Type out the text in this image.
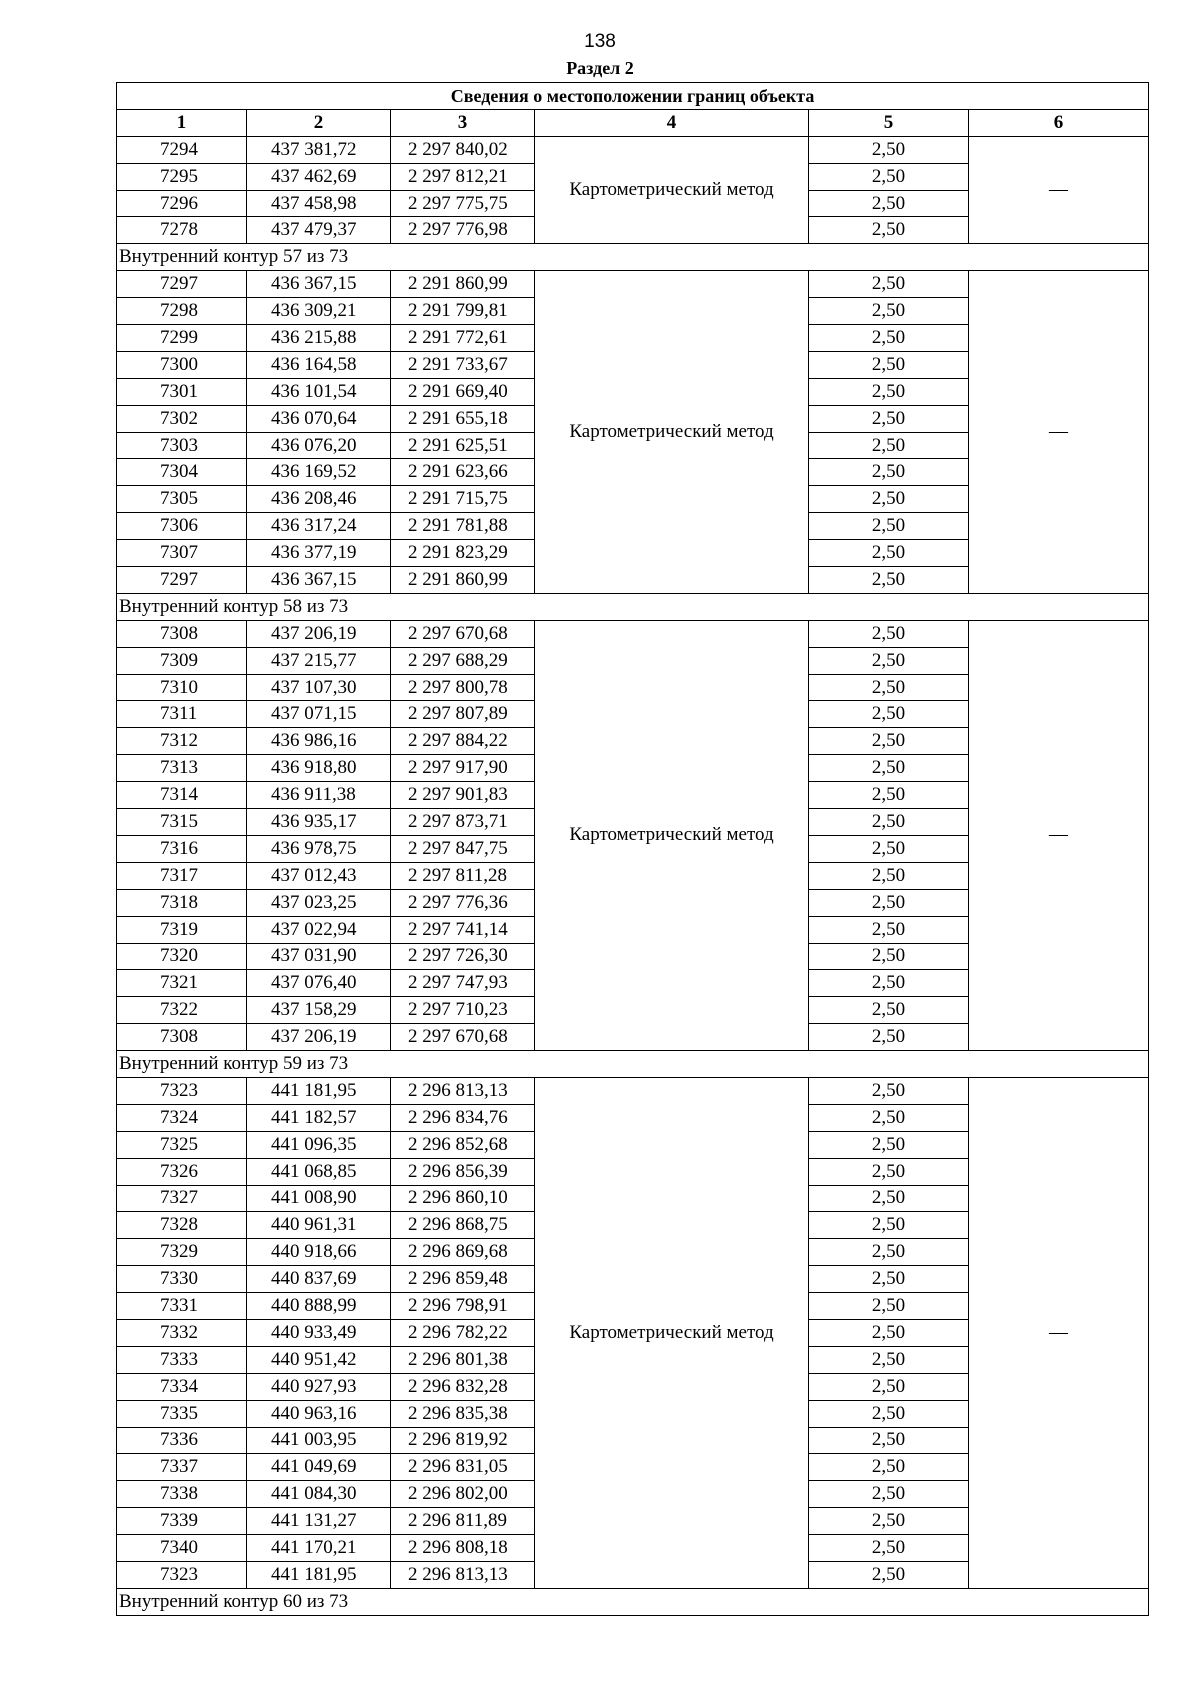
138
Раздел 2
Сведения о местоположении границ объекта					
1	2	3	4	5	6
7294	437 381,72	2 297 840,02	Картометрический метод	2,50	—
7295	437 462,69	2 297 812,21		2,50	
7296	437 458,98	2 297 775,75		2,50	
7278	437 479,37	2 297 776,98		2,50	
Внутренний контур 57 из 73					
7297	436 367,15	2 291 860,99	Картометрический метод	2,50	—
7298	436 309,21	2 291 799,81		2,50	
7299	436 215,88	2 291 772,61		2,50	
7300	436 164,58	2 291 733,67		2,50	
7301	436 101,54	2 291 669,40		2,50	
7302	436 070,64	2 291 655,18		2,50	
7303	436 076,20	2 291 625,51		2,50	
7304	436 169,52	2 291 623,66		2,50	
7305	436 208,46	2 291 715,75		2,50	
7306	436 317,24	2 291 781,88		2,50	
7307	436 377,19	2 291 823,29		2,50	
7297	436 367,15	2 291 860,99		2,50	
Внутренний контур 58 из 73					
7308	437 206,19	2 297 670,68	Картометрический метод	2,50	—
7309	437 215,77	2 297 688,29		2,50	
7310	437 107,30	2 297 800,78		2,50	
7311	437 071,15	2 297 807,89		2,50	
7312	436 986,16	2 297 884,22		2,50	
7313	436 918,80	2 297 917,90		2,50	
7314	436 911,38	2 297 901,83		2,50	
7315	436 935,17	2 297 873,71		2,50	
7316	436 978,75	2 297 847,75		2,50	
7317	437 012,43	2 297 811,28		2,50	
7318	437 023,25	2 297 776,36		2,50	
7319	437 022,94	2 297 741,14		2,50	
7320	437 031,90	2 297 726,30		2,50	
7321	437 076,40	2 297 747,93		2,50	
7322	437 158,29	2 297 710,23		2,50	
7308	437 206,19	2 297 670,68		2,50	
Внутренний контур 59 из 73					
7323	441 181,95	2 296 813,13	Картометрический метод	2,50	—
7324	441 182,57	2 296 834,76		2,50	
7325	441 096,35	2 296 852,68		2,50	
7326	441 068,85	2 296 856,39		2,50	
7327	441 008,90	2 296 860,10		2,50	
7328	440 961,31	2 296 868,75		2,50	
7329	440 918,66	2 296 869,68		2,50	
7330	440 837,69	2 296 859,48		2,50	
7331	440 888,99	2 296 798,91		2,50	
7332	440 933,49	2 296 782,22		2,50	
7333	440 951,42	2 296 801,38		2,50	
7334	440 927,93	2 296 832,28		2,50	
7335	440 963,16	2 296 835,38		2,50	
7336	441 003,95	2 296 819,92		2,50	
7337	441 049,69	2 296 831,05		2,50	
7338	441 084,30	2 296 802,00		2,50	
7339	441 131,27	2 296 811,89		2,50	
7340	441 170,21	2 296 808,18		2,50	
7323	441 181,95	2 296 813,13		2,50	
Внутренний контур 60 из 73					
